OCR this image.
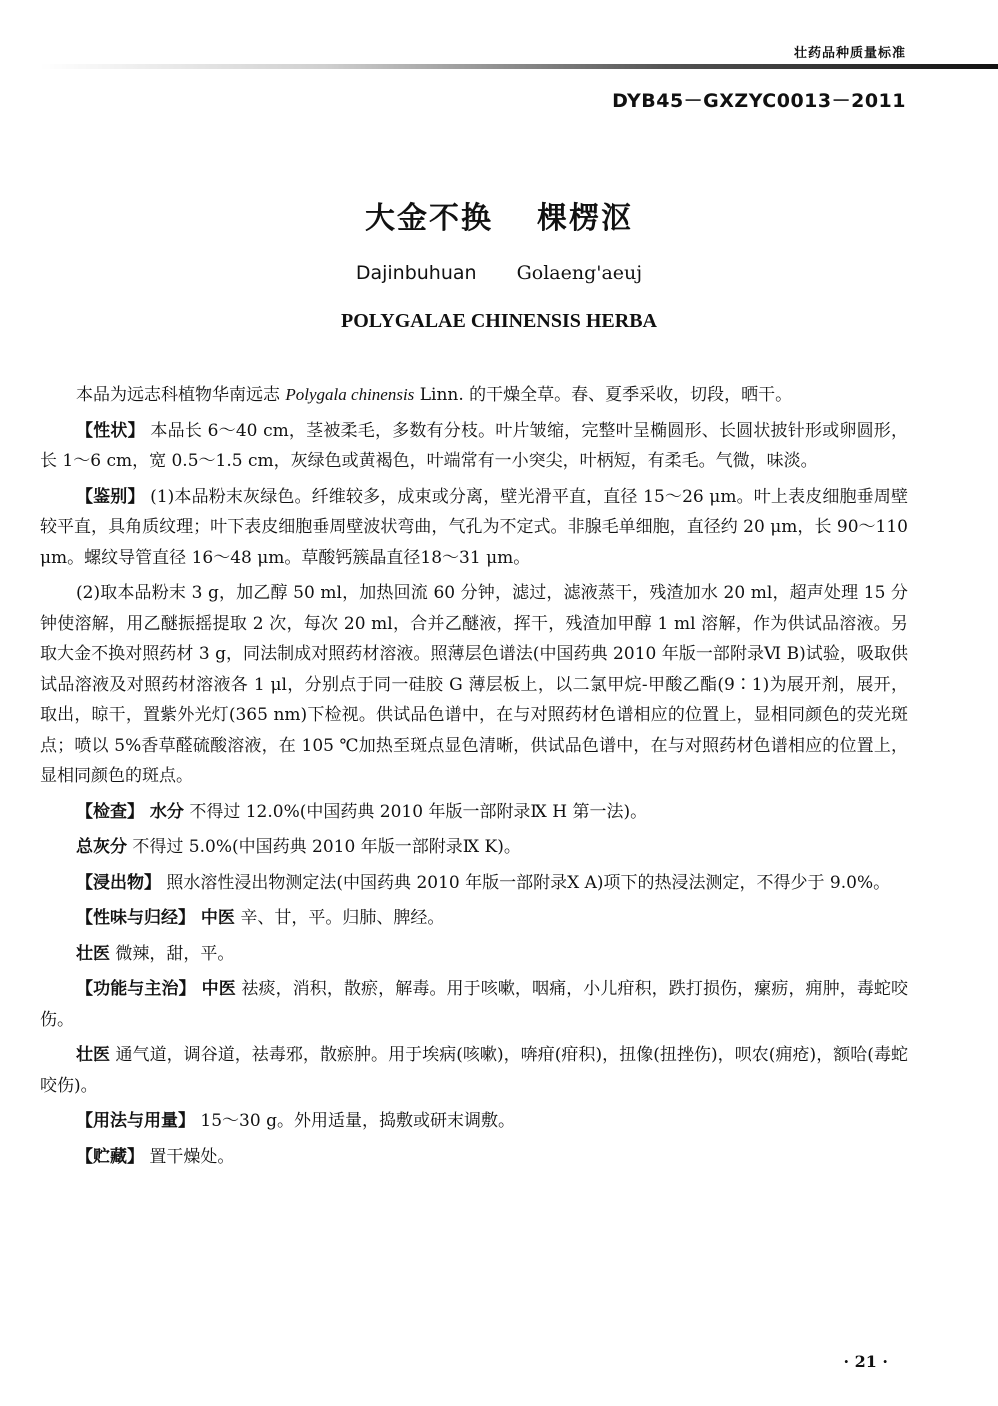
壮药品种质量标准
DYB45－GXZYC0013－2011
大金不换 棵楞沤
Dajinbuhuan Golaeng'aeuj
POLYGALAE CHINENSIS HERBA

本品为远志科植物华南远志 Polygala chinensis Linn. 的干燥全草。春、夏季采收，切段，晒干。

【性状】 本品长 6～40 cm，茎被柔毛，多数有分枝。叶片皱缩，完整叶呈椭圆形、长圆状披针形或卵圆形，长 1～6 cm，宽 0.5～1.5 cm，灰绿色或黄褐色，叶端常有一小突尖，叶柄短，有柔毛。气微，味淡。

【鉴别】 (1)本品粉末灰绿色。纤维较多，成束或分离，壁光滑平直，直径 15～26 μm。叶上表皮细胞垂周壁较平直，具角质纹理；叶下表皮细胞垂周壁波状弯曲，气孔为不定式。非腺毛单细胞，直径约 20 μm，长 90～110 μm。螺纹导管直径 16～48 μm。草酸钙簇晶直径18～31 μm。

(2)取本品粉末 3 g，加乙醇 50 ml，加热回流 60 分钟，滤过，滤液蒸干，残渣加水 20 ml，超声处理 15 分钟使溶解，用乙醚振摇提取 2 次，每次 20 ml，合并乙醚液，挥干，残渣加甲醇 1 ml 溶解，作为供试品溶液。另取大金不换对照药材 3 g，同法制成对照药材溶液。照薄层色谱法(中国药典 2010 年版一部附录Ⅵ B)试验，吸取供试品溶液及对照药材溶液各 1 μl，分别点于同一硅胶 G 薄层板上，以二氯甲烷-甲酸乙酯(9∶1)为展开剂，展开，取出，晾干，置紫外光灯(365 nm)下检视。供试品色谱中，在与对照药材色谱相应的位置上，显相同颜色的荧光斑点；喷以 5%香草醛硫酸溶液，在 105 ℃加热至斑点显色清晰，供试品色谱中，在与对照药材色谱相应的位置上，显相同颜色的斑点。

【检查】 水分 不得过 12.0%(中国药典 2010 年版一部附录Ⅸ H 第一法)。

总灰分 不得过 5.0%(中国药典 2010 年版一部附录Ⅸ K)。

【浸出物】 照水溶性浸出物测定法(中国药典 2010 年版一部附录Ⅹ A)项下的热浸法测定，不得少于 9.0%。

【性味与归经】 中医 辛、甘，平。归肺、脾经。

壮医 微辣，甜，平。

【功能与主治】 中医 祛痰，消积，散瘀，解毒。用于咳嗽，咽痛，小儿疳积，跌打损伤，瘰疬，痈肿，毒蛇咬伤。

壮医 通气道，调谷道，祛毒邪，散瘀肿。用于埃病(咳嗽)，喯疳(疳积)，扭像(扭挫伤)，呗农(痈疮)，额哈(毒蛇咬伤)。

【用法与用量】 15～30 g。外用适量，捣敷或研末调敷。

【贮藏】 置干燥处。

· 21 ·
